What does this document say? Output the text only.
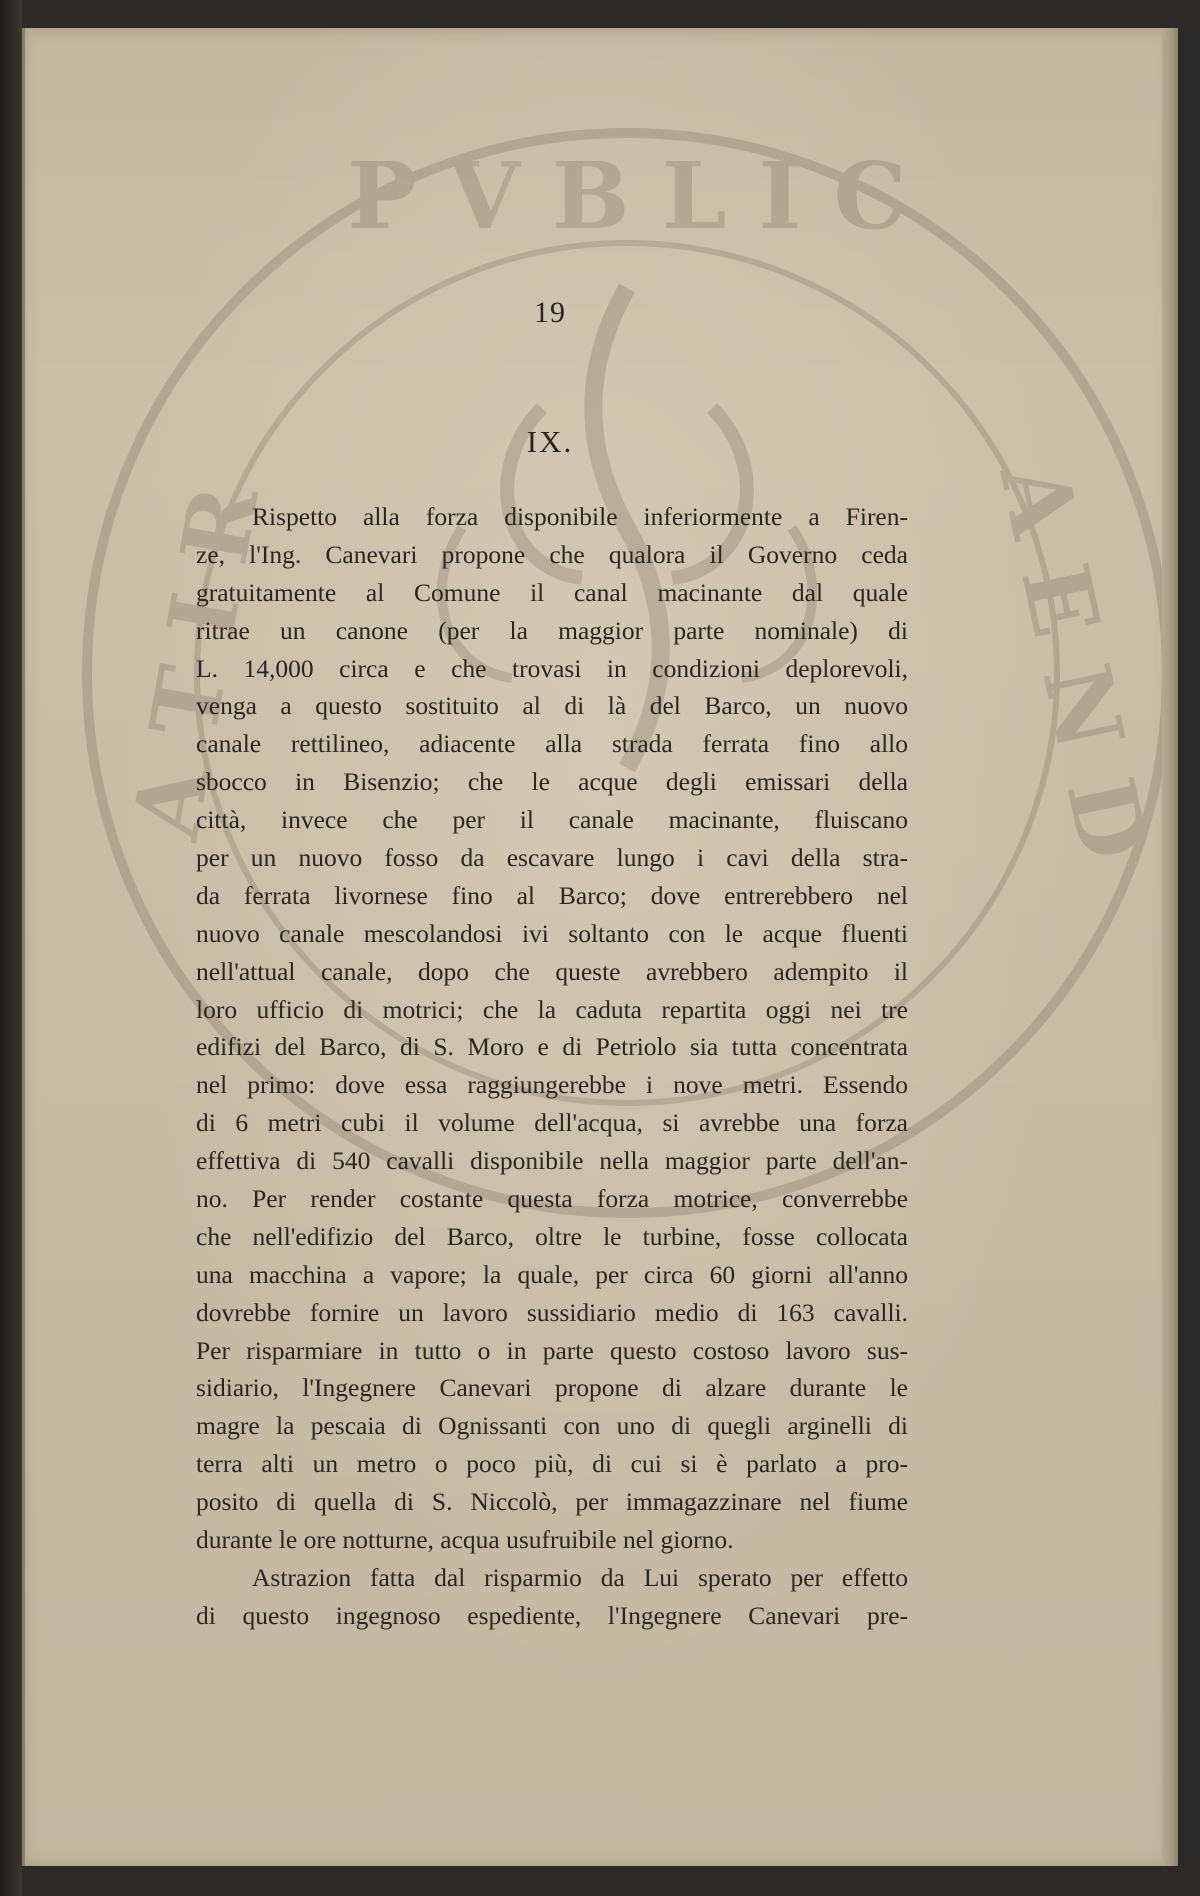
P V B L I C
A T I R	A E N D
19
IX.

Rispetto alla forza disponibile inferiormente a Firen-
ze, l'Ing. Canevari propone che qualora il Governo ceda
gratuitamente al Comune il canal macinante dal quale
ritrae un canone (per la maggior parte nominale) di
L. 14,000 circa e che trovasi in condizioni deplorevoli,
venga a questo sostituito al di là del Barco, un nuovo
canale rettilineo, adiacente alla strada ferrata fino allo
sbocco in Bisenzio; che le acque degli emissari della
città, invece che per il canale macinante, fluiscano
per un nuovo fosso da escavare lungo i cavi della stra-
da ferrata livornese fino al Barco; dove entrerebbero nel
nuovo canale mescolandosi ivi soltanto con le acque fluenti
nell'attual canale, dopo che queste avrebbero adempito il
loro ufficio di motrici; che la caduta repartita oggi nei tre
edifizi del Barco, di S. Moro e di Petriolo sia tutta concentrata
nel primo: dove essa raggiungerebbe i nove metri. Essendo
di 6 metri cubi il volume dell'acqua, si avrebbe una forza
effettiva di 540 cavalli disponibile nella maggior parte dell'an-
no. Per render costante questa forza motrice, converrebbe
che nell'edifizio del Barco, oltre le turbine, fosse collocata
una macchina a vapore; la quale, per circa 60 giorni all'anno
dovrebbe fornire un lavoro sussidiario medio di 163 cavalli.
Per risparmiare in tutto o in parte questo costoso lavoro sus-
sidiario, l'Ingegnere Canevari propone di alzare durante le
magre la pescaia di Ognissanti con uno di quegli arginelli di
terra alti un metro o poco più, di cui si è parlato a pro-
posito di quella di S. Niccolò, per immagazzinare nel fiume
durante le ore notturne, acqua usufruibile nel giorno.

Astrazion fatta dal risparmio da Lui sperato per effetto
di questo ingegnoso espediente, l'Ingegnere Canevari pre-
